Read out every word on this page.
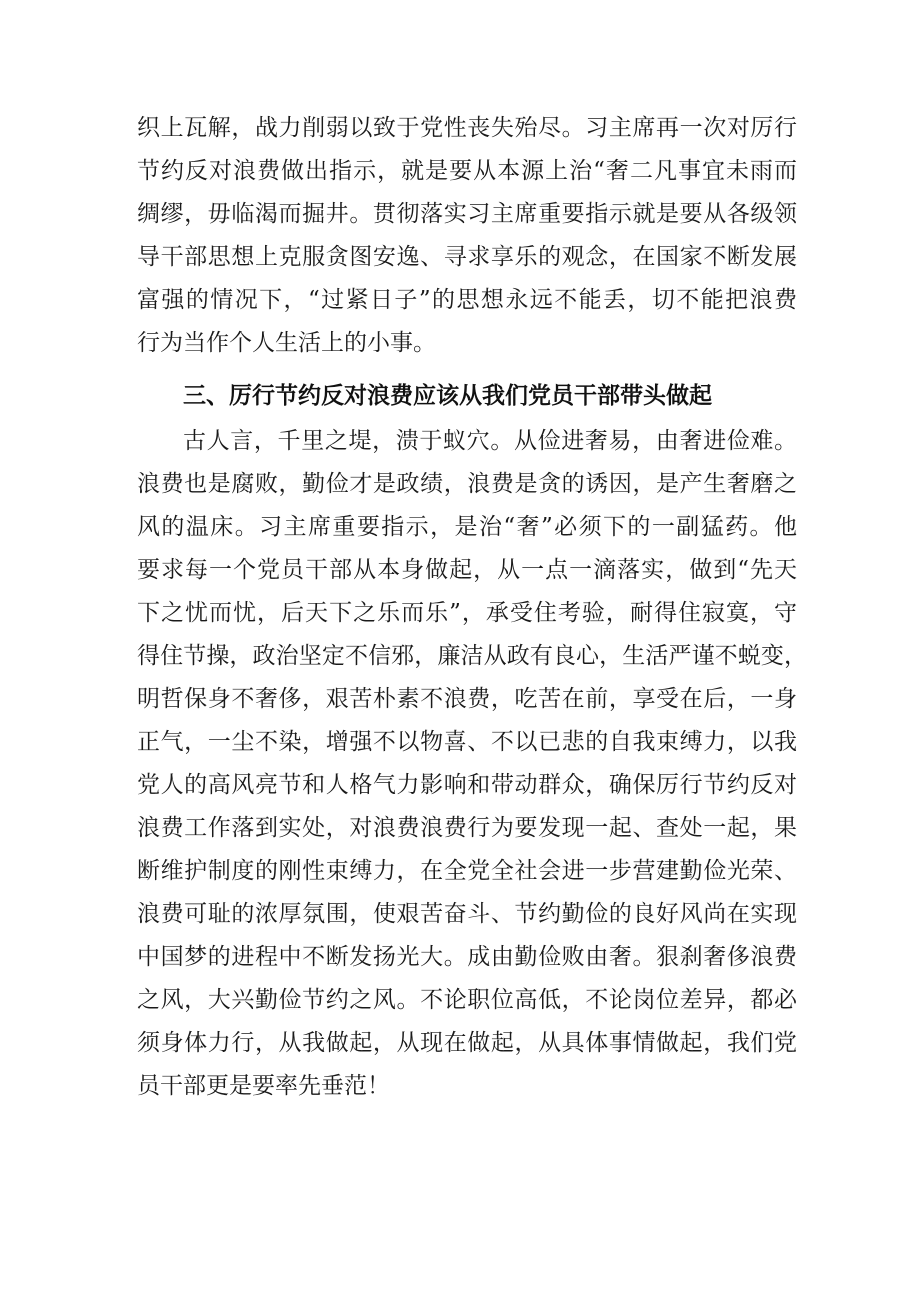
织上瓦解，战力削弱以致于党性丧失殆尽。习主席再一次对厉行
节约反对浪费做出指示，就是要从本源上治“奢二凡事宜未雨而
绸缪，毋临渴而掘井。贯彻落实习主席重要指示就是要从各级领
导干部思想上克服贪图安逸、寻求享乐的观念，在国家不断发展
富强的情况下，“过紧日子”的思想永远不能丢，切不能把浪费
行为当作个人生活上的小事。
三、厉行节约反对浪费应该从我们党员干部带头做起
古人言，千里之堤，溃于蚁穴。从俭进奢易，由奢进俭难。
浪费也是腐败，勤俭才是政绩，浪费是贪的诱因，是产生奢磨之
风的温床。习主席重要指示，是治“奢”必须下的一副猛药。他
要求每一个党员干部从本身做起，从一点一滴落实，做到“先天
下之忧而忧，后天下之乐而乐”，承受住考验，耐得住寂寞，守
得住节操，政治坚定不信邪，廉洁从政有良心，生活严谨不蜕变，
明哲保身不奢侈，艰苦朴素不浪费，吃苦在前，享受在后，一身
正气，一尘不染，增强不以物喜、不以已悲的自我束缚力，以我
党人的高风亮节和人格气力影响和带动群众，确保厉行节约反对
浪费工作落到实处，对浪费浪费行为要发现一起、查处一起，果
断维护制度的刚性束缚力，在全党全社会进一步营建勤俭光荣、
浪费可耻的浓厚氛围，使艰苦奋斗、节约勤俭的良好风尚在实现
中国梦的进程中不断发扬光大。成由勤俭败由奢。狠刹奢侈浪费
之风，大兴勤俭节约之风。不论职位高低，不论岗位差异，都必
须身体力行，从我做起，从现在做起，从具体事情做起，我们党
员干部更是要率先垂范！
